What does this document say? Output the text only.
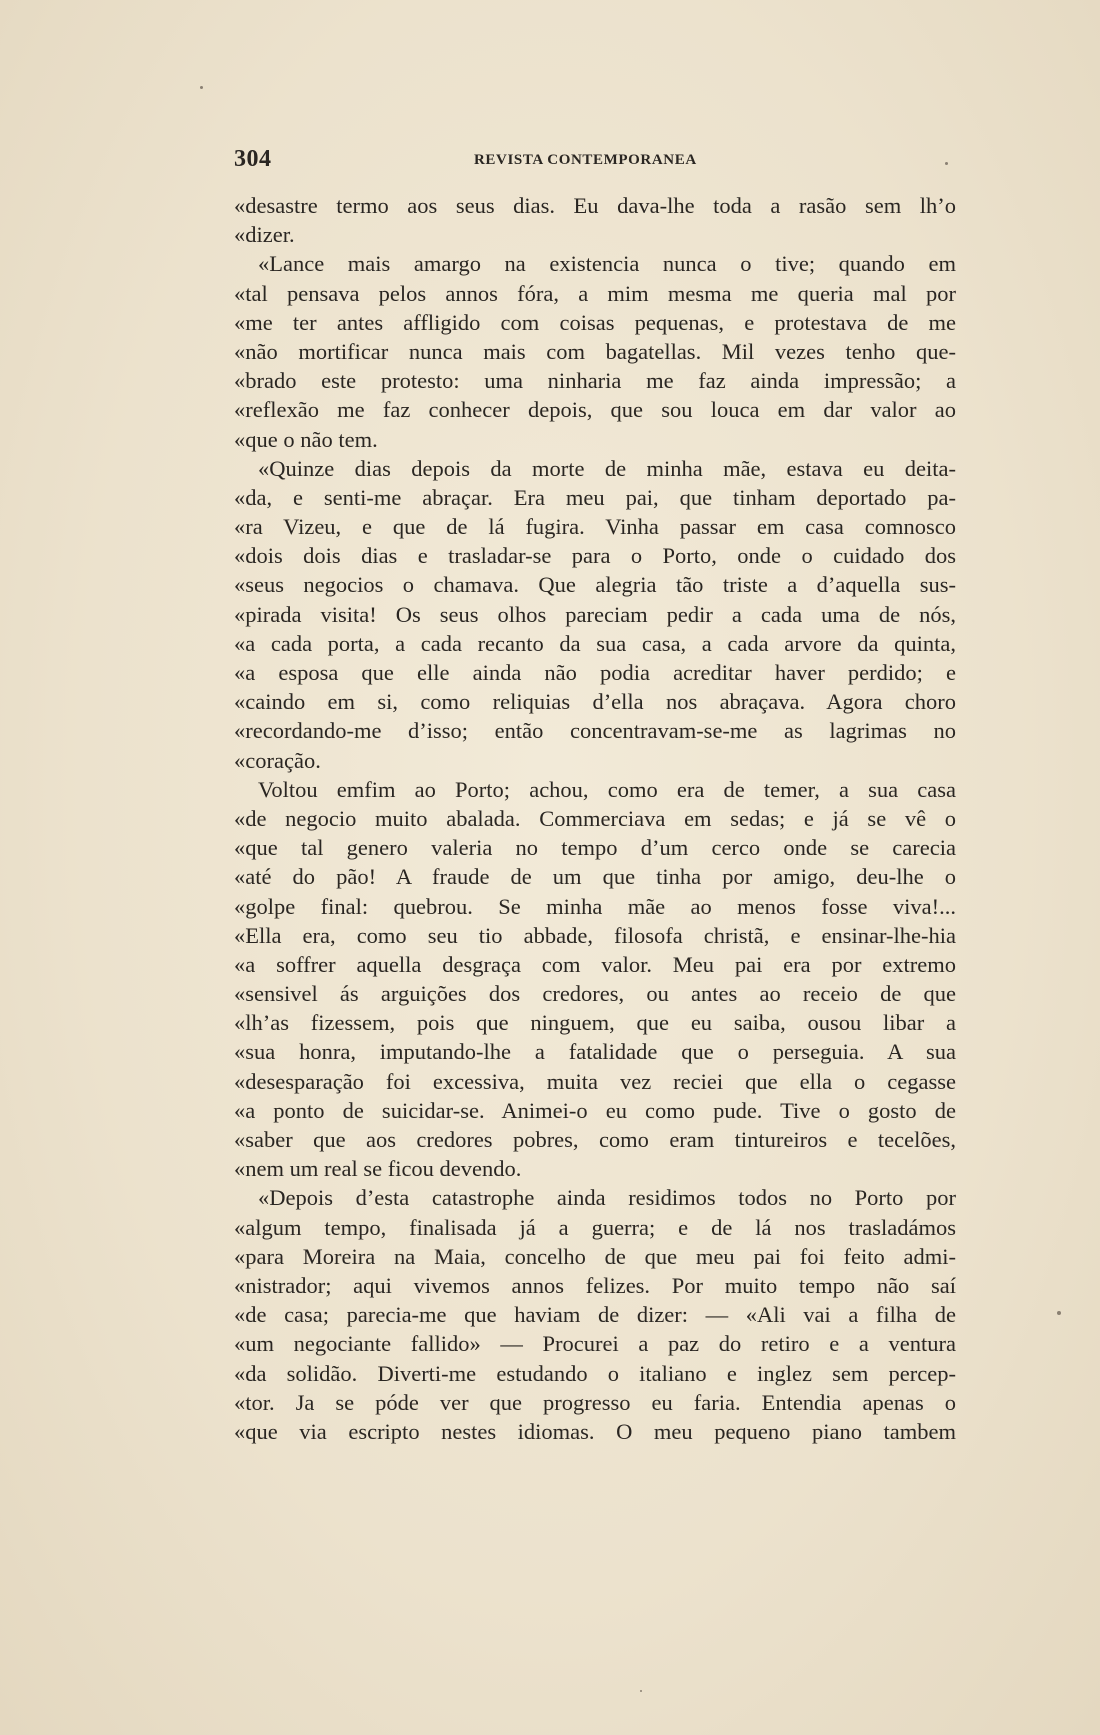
304	REVISTA CONTEMPORANEA
«desastre termo aos seus dias. Eu dava-lhe toda a rasão sem lh’o
«dizer.
«Lance mais amargo na existencia nunca o tive; quando em
«tal pensava pelos annos fóra, a mim mesma me queria mal por
«me ter antes affligido com coisas pequenas, e protestava de me
«não mortificar nunca mais com bagatellas. Mil vezes tenho que-
«brado este protesto: uma ninharia me faz ainda impressão; a
«reflexão me faz conhecer depois, que sou louca em dar valor ao
«que o não tem.
«Quinze dias depois da morte de minha mãe, estava eu deita-
«da, e senti-me abraçar. Era meu pai, que tinham deportado pa-
«ra Vizeu, e que de lá fugira. Vinha passar em casa comnosco
«dois dois dias e trasladar-se para o Porto, onde o cuidado dos
«seus negocios o chamava. Que alegria tão triste a d’aquella sus-
«pirada visita! Os seus olhos pareciam pedir a cada uma de nós,
«a cada porta, a cada recanto da sua casa, a cada arvore da quinta,
«a esposa que elle ainda não podia acreditar haver perdido; e
«caindo em si, como reliquias d’ella nos abraçava. Agora choro
«recordando-me d’isso; então concentravam-se-me as lagrimas no
«coração.
Voltou emfim ao Porto; achou, como era de temer, a sua casa
«de negocio muito abalada. Commerciava em sedas; e já se vê o
«que tal genero valeria no tempo d’um cerco onde se carecia
«até do pão! A fraude de um que tinha por amigo, deu-lhe o
«golpe final: quebrou. Se minha mãe ao menos fosse viva!...
«Ella era, como seu tio abbade, filosofa christã, e ensinar-lhe-hia
«a soffrer aquella desgraça com valor. Meu pai era por extremo
«sensivel ás arguições dos credores, ou antes ao receio de que
«lh’as fizessem, pois que ninguem, que eu saiba, ousou libar a
«sua honra, imputando-lhe a fatalidade que o perseguia. A sua
«desesparação foi excessiva, muita vez reciei que ella o cegasse
«a ponto de suicidar-se. Animei-o eu como pude. Tive o gosto de
«saber que aos credores pobres, como eram tintureiros e tecelões,
«nem um real se ficou devendo.
«Depois d’esta catastrophe ainda residimos todos no Porto por
«algum tempo, finalisada já a guerra; e de lá nos trasladámos
«para Moreira na Maia, concelho de que meu pai foi feito admi-
«nistrador; aqui vivemos annos felizes. Por muito tempo não saí
«de casa; parecia-me que haviam de dizer: — «Ali vai a filha de
«um negociante fallido» — Procurei a paz do retiro e a ventura
«da solidão. Diverti-me estudando o italiano e inglez sem percep-
«tor. Ja se póde ver que progresso eu faria. Entendia apenas o
«que via escripto nestes idiomas. O meu pequeno piano tambem
